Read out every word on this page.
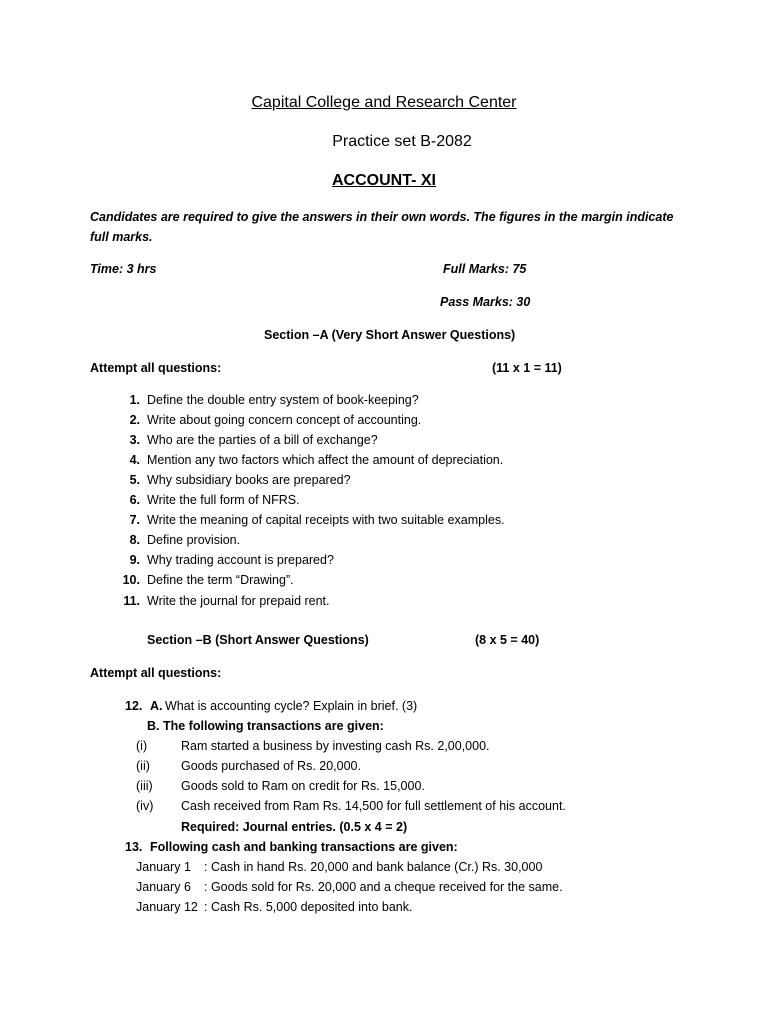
Capital College and Research Center
Practice set B-2082
ACCOUNT- XI
Candidates are required to give the answers in their own words. The figures in the margin indicate full marks.
Time: 3 hrs	Full Marks: 75
Pass Marks: 30
Section –A (Very Short Answer Questions)
Attempt all questions:	(11 x 1 = 11)
1. Define the double entry system of book-keeping?
2. Write about going concern concept of accounting.
3. Who are the parties of a bill of exchange?
4. Mention any two factors which affect the amount of depreciation.
5. Why subsidiary books are prepared?
6. Write the full form of NFRS.
7. Write the meaning of capital receipts with two suitable examples.
8. Define provision.
9. Why trading account is prepared?
10. Define the term “Drawing”.
11. Write the journal for prepaid rent.
Section –B (Short Answer Questions)	(8 x 5 = 40)
Attempt all questions:
12. A. What is accounting cycle? Explain in brief. (3)
B. The following transactions are given:
(i)	Ram started a business by investing cash Rs. 2,00,000.
(ii) Goods purchased of Rs. 20,000.
(iii) Goods sold to Ram on credit for Rs. 15,000.
(iv) Cash received from Ram Rs. 14,500 for full settlement of his account.
Required: Journal entries. (0.5 x 4 = 2)
13. Following cash and banking transactions are given:
January 1 : Cash in hand Rs. 20,000 and bank balance (Cr.) Rs. 30,000
January 6 : Goods sold for Rs. 20,000 and a cheque received for the same.
January 12 : Cash Rs. 5,000 deposited into bank.
